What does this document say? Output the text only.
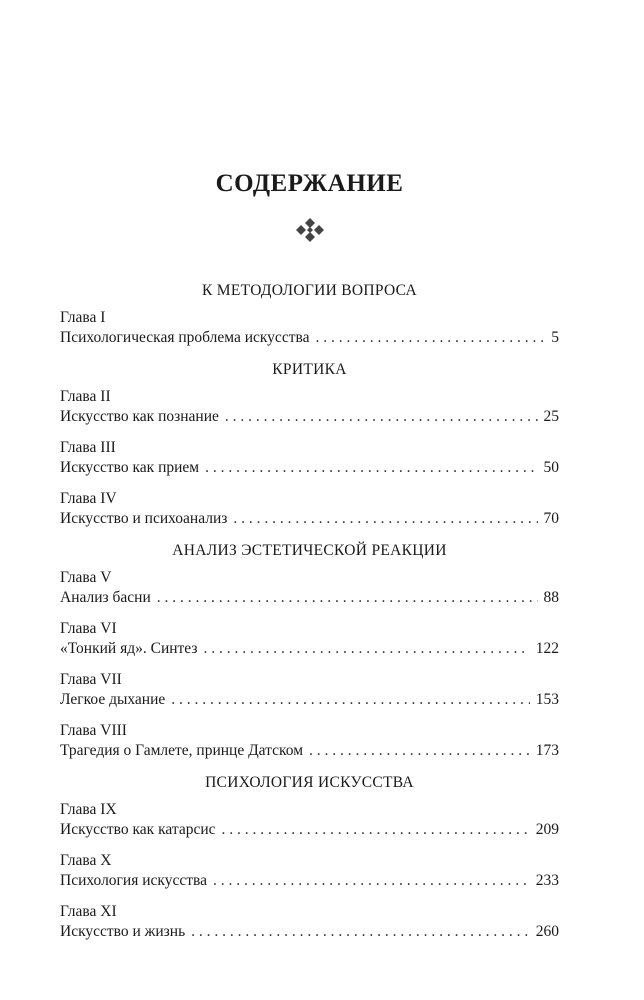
СОДЕРЖАНИЕ
К МЕТОДОЛОГИИ ВОПРОСА
Глава I
Психологическая проблема искусства . . .	5
КРИТИКА
Глава II
Искусство как познание . . .	25
Глава III
Искусство как прием . . .	50
Глава IV
Искусство и психоанализ . . .	70
АНАЛИЗ ЭСТЕТИЧЕСКОЙ РЕАКЦИИ
Глава V
Анализ басни . . .	88
Глава VI
«Тонкий яд». Синтез . . .	122
Глава VII
Легкое дыхание . . .	153
Глава VIII
Трагедия о Гамлете, принце Датском . . .	173
ПСИХОЛОГИЯ ИСКУССТВА
Глава IX
Искусство как катарсис . . .	209
Глава X
Психология искусства . . .	233
Глава XI
Искусство и жизнь . . .	260
